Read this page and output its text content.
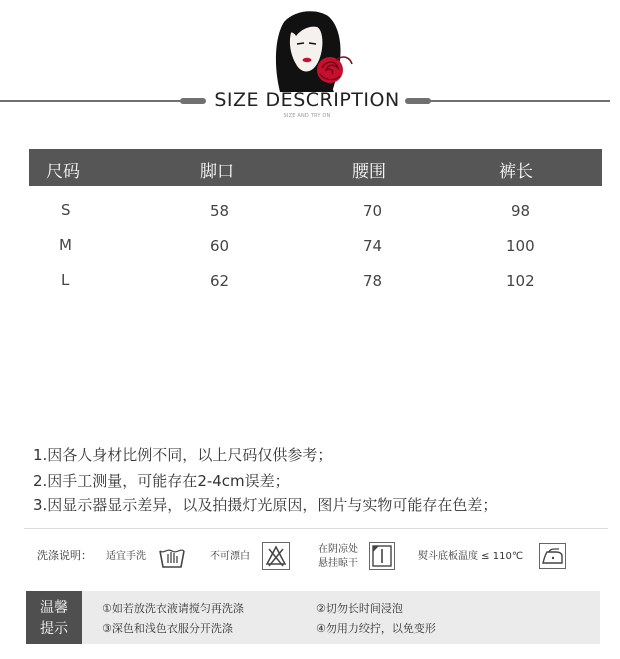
SIZE DESCRIPTION
SIZE AND TRY ON
尺码	脚口	腰围	裤长
S	58	70	98
M	60	74	100
L	62	78	102
1.因各人身材比例不同，以上尺码仅供参考；
2.因手工测量，可能存在2-4cm误差；
3.因显示器显示差异，以及拍摄灯光原因，图片与实物可能存在色差；
洗涤说明： 适宜手洗	不可漂白
在阴凉处
悬挂晾干
熨斗底板温度 ≤ 110℃
温馨
提示
①如若放洗衣液请搅匀再洗涤	②切勿长时间浸泡
③深色和浅色衣服分开洗涤	④勿用力绞拧，以免变形
